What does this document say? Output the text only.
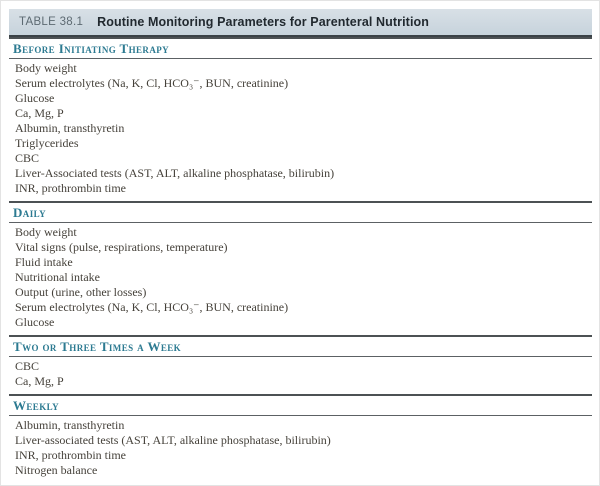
TABLE 38.1 Routine Monitoring Parameters for Parenteral Nutrition
Before Initiating Therapy
Body weight
Serum electrolytes (Na, K, Cl, HCO₃⁻, BUN, creatinine)
Glucose
Ca, Mg, P
Albumin, transthyretin
Triglycerides
CBC
Liver-Associated tests (AST, ALT, alkaline phosphatase, bilirubin)
INR, prothrombin time
Daily
Body weight
Vital signs (pulse, respirations, temperature)
Fluid intake
Nutritional intake
Output (urine, other losses)
Serum electrolytes (Na, K, Cl, HCO₃⁻, BUN, creatinine)
Glucose
Two or Three Times a Week
CBC
Ca, Mg, P
Weekly
Albumin, transthyretin
Liver-associated tests (AST, ALT, alkaline phosphatase, bilirubin)
INR, prothrombin time
Nitrogen balance
